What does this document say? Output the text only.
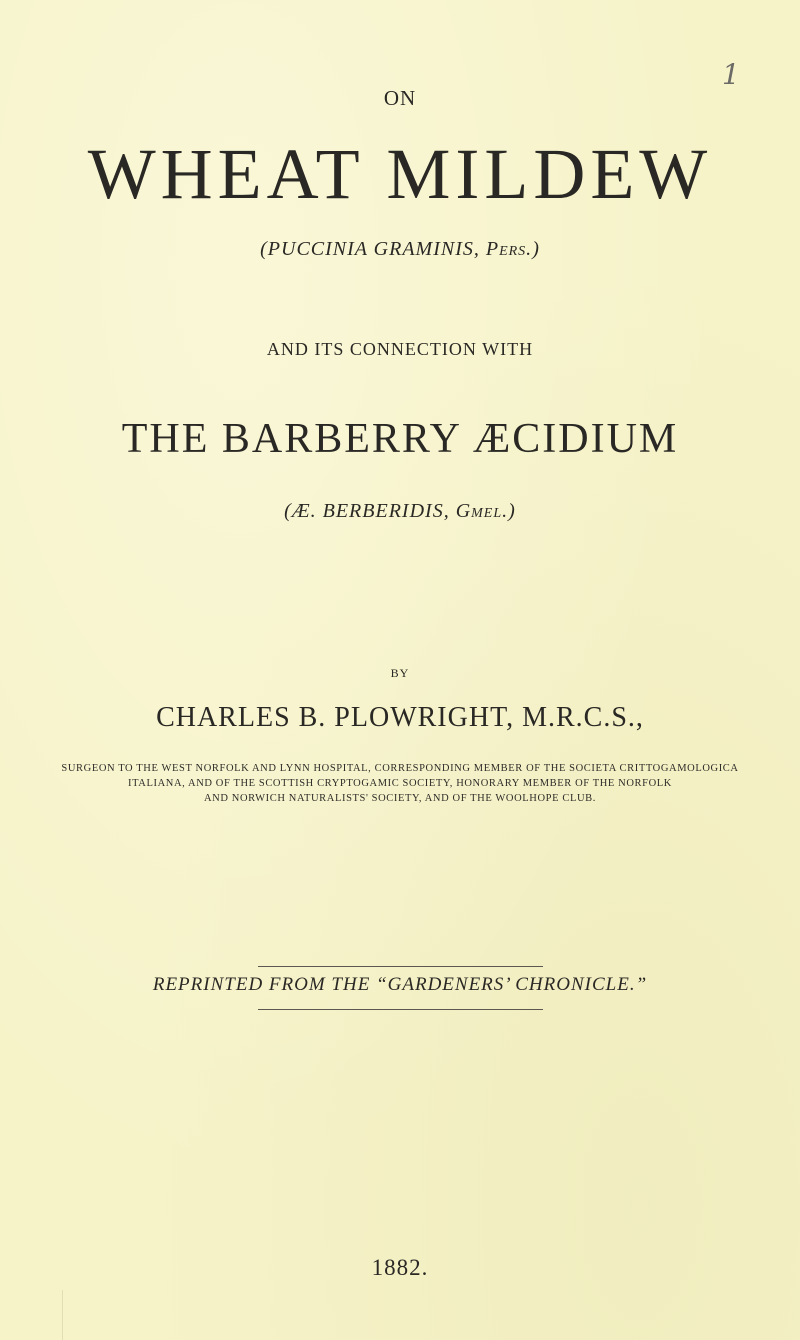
1
ON
WHEAT MILDEW
(PUCCINIA GRAMINIS, Pers.)
AND ITS CONNECTION WITH
THE BARBERRY ÆCIDIUM
(Æ. BERBERIDIS, Gmel.)
BY
CHARLES B. PLOWRIGHT, M.R.C.S.,
SURGEON TO THE WEST NORFOLK AND LYNN HOSPITAL, CORRESPONDING MEMBER OF THE SOCIETA CRITTOGAMOLOGICA
ITALIANA, AND OF THE SCOTTISH CRYPTOGAMIC SOCIETY, HONORARY MEMBER OF THE NORFOLK
AND NORWICH NATURALISTS' SOCIETY, AND OF THE WOOLHOPE CLUB.
REPRINTED FROM THE “GARDENERS’ CHRONICLE.”
1882.
